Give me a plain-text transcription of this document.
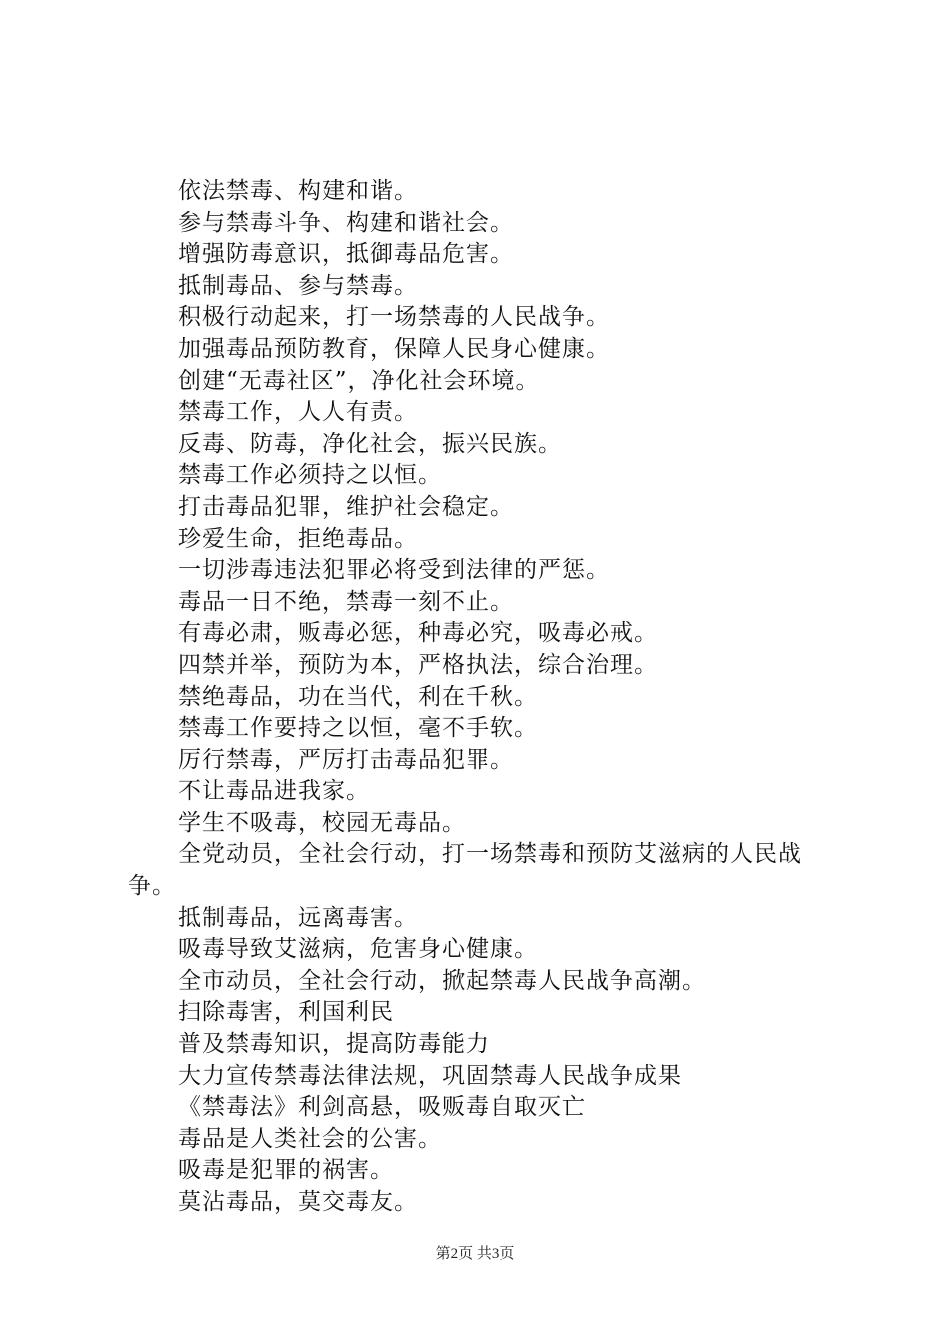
依法禁毒、构建和谐。
参与禁毒斗争、构建和谐社会。
增强防毒意识，抵御毒品危害。
抵制毒品、参与禁毒。
积极行动起来，打一场禁毒的人民战争。
加强毒品预防教育，保障人民身心健康。
创建“无毒社区”，净化社会环境。
禁毒工作，人人有责。
反毒、防毒，净化社会，振兴民族。
禁毒工作必须持之以恒。
打击毒品犯罪，维护社会稳定。
珍爱生命，拒绝毒品。
一切涉毒违法犯罪必将受到法律的严惩。
毒品一日不绝，禁毒一刻不止。
有毒必肃，贩毒必惩，种毒必究，吸毒必戒。
四禁并举，预防为本，严格执法，综合治理。
禁绝毒品，功在当代，利在千秋。
禁毒工作要持之以恒，毫不手软。
厉行禁毒，严厉打击毒品犯罪。
不让毒品进我家。
学生不吸毒，校园无毒品。
全党动员，全社会行动，打一场禁毒和预防艾滋病的人民战争。
抵制毒品，远离毒害。
吸毒导致艾滋病，危害身心健康。
全市动员，全社会行动，掀起禁毒人民战争高潮。
扫除毒害，利国利民
普及禁毒知识，提高防毒能力
大力宣传禁毒法律法规，巩固禁毒人民战争成果
《禁毒法》利剑高悬，吸贩毒自取灭亡
毒品是人类社会的公害。
吸毒是犯罪的祸害。
莫沾毒品，莫交毒友。
第2页 共3页
